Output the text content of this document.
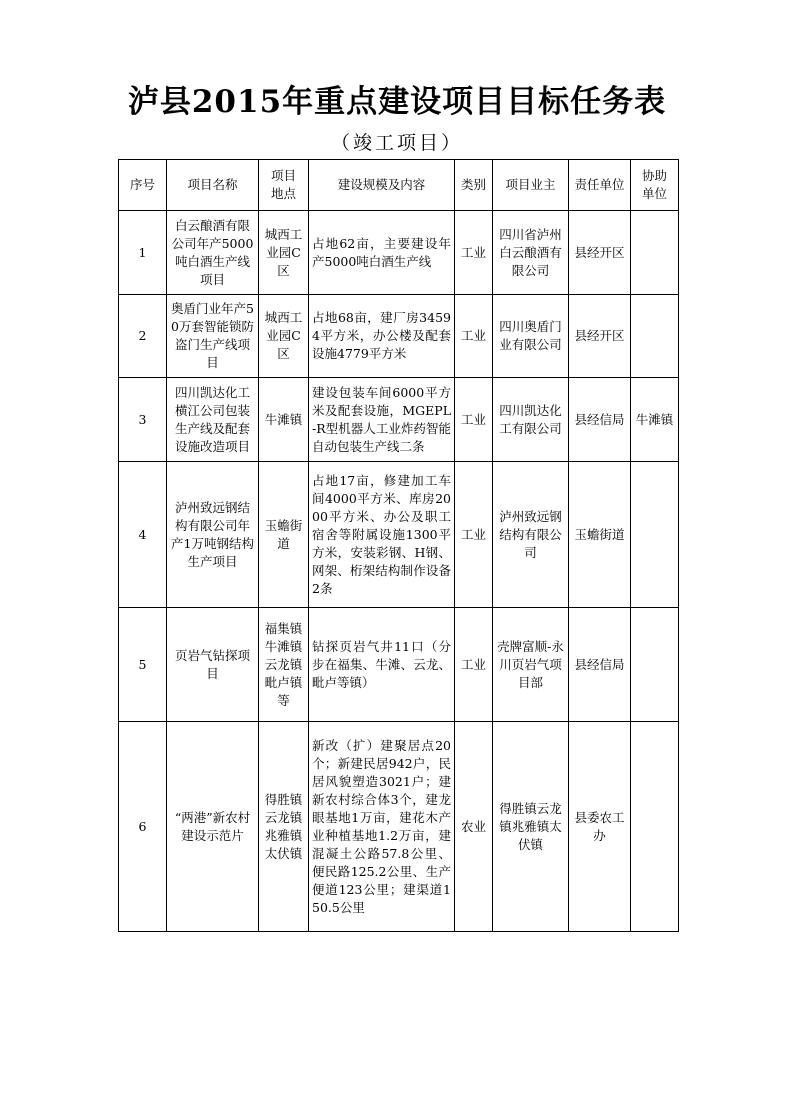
泸县2015年重点建设项目目标任务表
（竣工项目）
序号	项目名称	项目地点	建设规模及内容	类别	项目业主	责任单位	协助单位
1	白云酿酒有限公司年产5000吨白酒生产线项目	城西工业园C区	占地62亩，主要建设年产5000吨白酒生产线	工业	四川省泸州白云酿酒有限公司	县经开区	
2	奥盾门业年产50万套智能锁防盗门生产线项目	城西工业园C区	占地68亩，建厂房34594平方米，办公楼及配套设施4779平方米	工业	四川奥盾门业有限公司	县经开区	
3	四川凯达化工横江公司包装生产线及配套设施改造项目	牛滩镇	建设包装车间6000平方米及配套设施，MGEPL-R型机器人工业炸药智能自动包装生产线二条	工业	四川凯达化工有限公司	县经信局	牛滩镇
4	泸州致远钢结构有限公司年产1万吨钢结构生产项目	玉蟾街道	占地17亩，修建加工车间4000平方米、库房2000平方米、办公及职工宿舍等附属设施1300平方米，安装彩钢、H钢、网架、桁架结构制作设备2条	工业	泸州致远钢结构有限公司	玉蟾街道	
5	页岩气钻探项目	福集镇牛滩镇云龙镇毗卢镇等	钻探页岩气井11口（分步在福集、牛滩、云龙、毗卢等镇）	工业	壳牌富顺-永川页岩气项目部	县经信局	
6	“两港”新农村建设示范片	得胜镇云龙镇兆雅镇太伏镇	新改（扩）建聚居点20个；新建民居942户，民居风貌塑造3021户；建新农村综合体3个，建龙眼基地1万亩，建花木产业种植基地1.2万亩，建混凝土公路57.8公里、便民路125.2公里、生产便道123公里；建渠道150.5公里	农业	得胜镇云龙镇兆雅镇太伏镇	县委农工办	
